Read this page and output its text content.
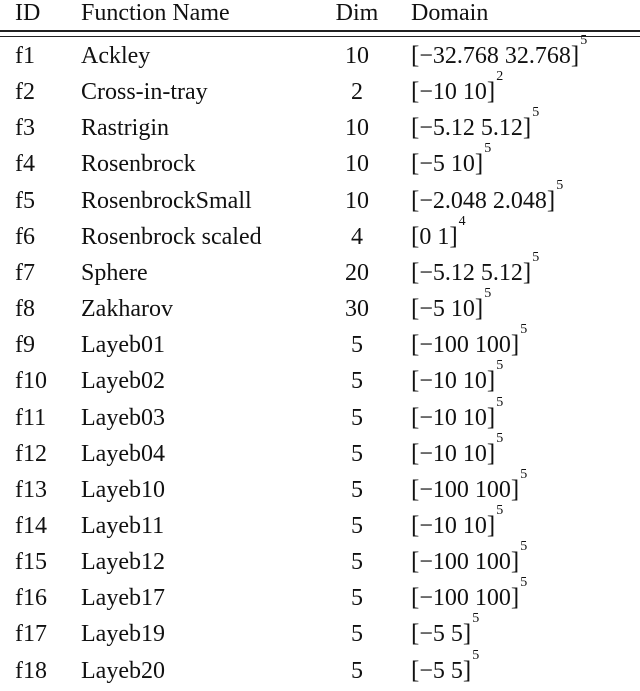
ID Function Name	Dim	Domain
f1 Ackley	10	[−32.768 32.768]$^5$
f2 Cross-in-tray	2	[−10 10]$^2$
f3 Rastrigin	10	[−5.12 5.12]$^5$
f4 Rosenbrock	10	[−5 10]$^5$
f5 RosenbrockSmall	10	[−2.048 2.048]$^5$
f6 Rosenbrock scaled	4	[0 1]$^4$
f7 Sphere	20	[−5.12 5.12]$^5$
f8 Zakharov	30	[−5 10]$^5$
f9 Layeb01	5	[−100 100]$^5$
f10 Layeb02	5	[−10 10]$^5$
f11 Layeb03	5	[−10 10]$^5$
f12 Layeb04	5	[−10 10]$^5$
f13 Layeb10	5	[−100 100]$^5$
f14 Layeb11	5	[−10 10]$^5$
f15 Layeb12	5	[−100 100]$^5$
f16 Layeb17	5	[−100 100]$^5$
f17 Layeb19	5	[−5 5]$^5$
f18 Layeb20	5	[−5 5]$^5$
